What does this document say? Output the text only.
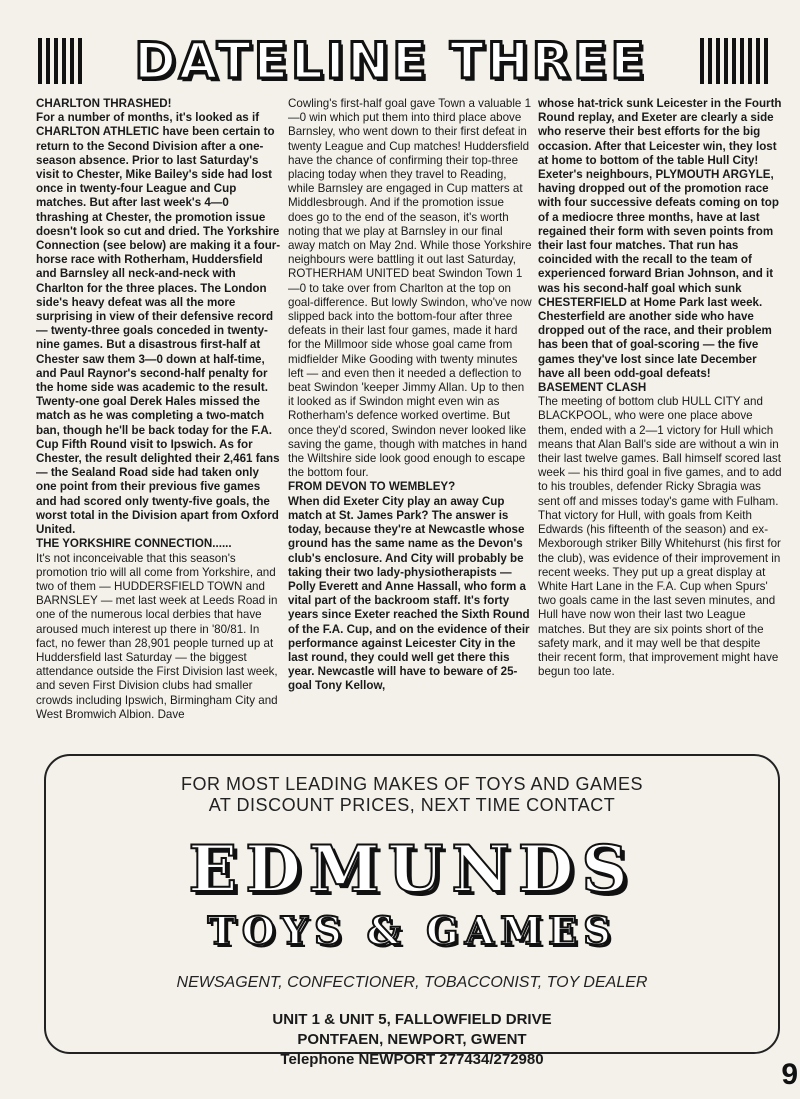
DATELINE THREE
CHARLTON THRASHED!

For a number of months, it's looked as if CHARLTON ATHLETIC have been certain to return to the Second Division after a one-season absence. Prior to last Saturday's visit to Chester, Mike Bailey's side had lost once in twenty-four League and Cup matches. But after last week's 4—0 thrashing at Chester, the promotion issue doesn't look so cut and dried. The Yorkshire Connection (see below) are making it a four-horse race with Rotherham, Huddersfield and Barnsley all neck-and-neck with Charlton for the three places. The London side's heavy defeat was all the more surprising in view of their defensive record — twenty-three goals conceded in twenty-nine games. But a disastrous first-half at Chester saw them 3—0 down at half-time, and Paul Raynor's second-half penalty for the home side was academic to the result. Twenty-one goal Derek Hales missed the match as he was completing a two-match ban, though he'll be back today for the F.A. Cup Fifth Round visit to Ipswich. As for Chester, the result delighted their 2,461 fans — the Sealand Road side had taken only one point from their previous five games and had scored only twenty-five goals, the worst total in the Division apart from Oxford United.

THE YORKSHIRE CONNECTION......

It's not inconceivable that this season's promotion trio will all come from Yorkshire, and two of them — HUDDERSFIELD TOWN and BARNSLEY — met last week at Leeds Road in one of the numerous local derbies that have aroused much interest up there in '80/81. In fact, no fewer than 28,901 people turned up at Huddersfield last Saturday — the biggest attendance outside the First Division last week, and seven First Division clubs had smaller crowds including Ipswich, Birmingham City and West Bromwich Albion. Dave

Cowling's first-half goal gave Town a valuable 1—0 win which put them into third place above Barnsley, who went down to their first defeat in twenty League and Cup matches! Huddersfield have the chance of confirming their top-three placing today when they travel to Reading, while Barnsley are engaged in Cup matters at Middlesbrough. And if the promotion issue does go to the end of the season, it's worth noting that we play at Barnsley in our final away match on May 2nd. While those Yorkshire neighbours were battling it out last Saturday, ROTHERHAM UNITED beat Swindon Town 1—0 to take over from Charlton at the top on goal-difference. But lowly Swindon, who've now slipped back into the bottom-four after three defeats in their last four games, made it hard for the Millmoor side whose goal came from midfielder Mike Gooding with twenty minutes left — and even then it needed a deflection to beat Swindon 'keeper Jimmy Allan. Up to then it looked as if Swindon might even win as Rotherham's defence worked overtime. But once they'd scored, Swindon never looked like saving the game, though with matches in hand the Wiltshire side look good enough to escape the bottom four.

FROM DEVON TO WEMBLEY?

When did Exeter City play an away Cup match at St. James Park? The answer is today, because they're at Newcastle whose ground has the same name as the Devon's club's enclosure. And City will probably be taking their two lady-physiotherapists — Polly Everett and Anne Hassall, who form a vital part of the backroom staff. It's forty years since Exeter reached the Sixth Round of the F.A. Cup, and on the evidence of their performance against Leicester City in the last round, they could well get there this year. Newcastle will have to beware of 25-goal Tony Kellow,

whose hat-trick sunk Leicester in the Fourth Round replay, and Exeter are clearly a side who reserve their best efforts for the big occasion. After that Leicester win, they lost at home to bottom of the table Hull City! Exeter's neighbours, PLYMOUTH ARGYLE, having dropped out of the promotion race with four successive defeats coming on top of a mediocre three months, have at last regained their form with seven points from their last four matches. That run has coincided with the recall to the team of experienced forward Brian Johnson, and it was his second-half goal which sunk CHESTERFIELD at Home Park last week. Chesterfield are another side who have dropped out of the race, and their problem has been that of goal-scoring — the five games they've lost since late December have all been odd-goal defeats!

BASEMENT CLASH

The meeting of bottom club HULL CITY and BLACKPOOL, who were one place above them, ended with a 2—1 victory for Hull which means that Alan Ball's side are without a win in their last twelve games. Ball himself scored last week — his third goal in five games, and to add to his troubles, defender Ricky Sbragia was sent off and misses today's game with Fulham. That victory for Hull, with goals from Keith Edwards (his fifteenth of the season) and ex-Mexborough striker Billy Whitehurst (his first for the club), was evidence of their improvement in recent weeks. They put up a great display at White Hart Lane in the F.A. Cup when Spurs' two goals came in the last seven minutes, and Hull have now won their last two League matches. But they are six points short of the safety mark, and it may well be that despite their recent form, that improvement might have begun too late.

FOR MOST LEADING MAKES OF TOYS AND GAMES
AT DISCOUNT PRICES, NEXT TIME CONTACT
EDMUNDS
TOYS & GAMES
NEWSAGENT, CONFECTIONER, TOBACCONIST, TOY DEALER
UNIT 1 & UNIT 5, FALLOWFIELD DRIVE
PONTFAEN, NEWPORT, GWENT
Telephone NEWPORT 277434/272980	9
